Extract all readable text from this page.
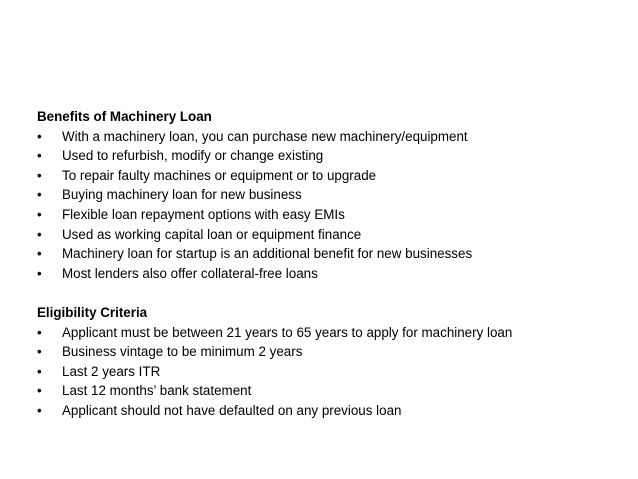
Benefits of Machinery Loan
• With a machinery loan, you can purchase new machinery/equipment
• Used to refurbish, modify or change existing
• To repair faulty machines or equipment or to upgrade
• Buying machinery loan for new business
• Flexible loan repayment options with easy EMIs
• Used as working capital loan or equipment finance
• Machinery loan for startup is an additional benefit for new businesses
• Most lenders also offer collateral-free loans
Eligibility Criteria
• Applicant must be between 21 years to 65 years to apply for machinery loan
• Business vintage to be minimum 2 years
• Last 2 years ITR
• Last 12 months’ bank statement
• Applicant should not have defaulted on any previous loan
